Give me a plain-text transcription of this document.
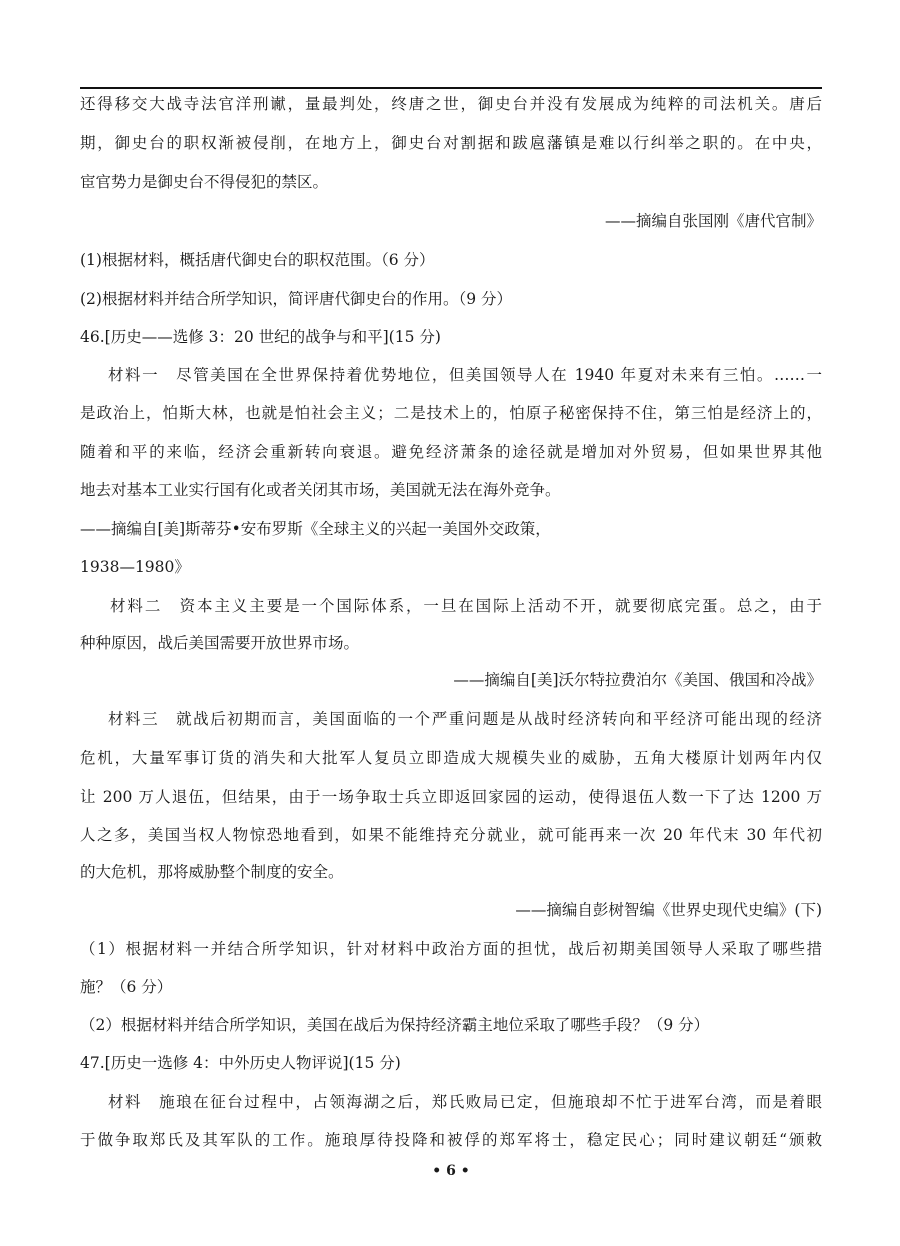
还得移交大战寺法官洋刑谳，量最判处，终唐之世，御史台并没有发展成为纯粹的司法机关。唐后
期，御史台的职权渐被侵削，在地方上，御史台对割据和跋扈藩镇是难以行纠举之职的。在中央，
宦官势力是御史台不得侵犯的禁区。
——摘编自张国刚《唐代官制》
(1)根据材料，概括唐代御史台的职权范围。（6 分）
(2)根据材料并结合所学知识，简评唐代御史台的作用。（9 分）
46.[历史——选修 3：20 世纪的战争与和平](15 分)
材料一　尽管美国在全世界保持着优势地位，但美国领导人在 1940 年夏对未来有三怕。……一
是政治上，怕斯大林，也就是怕社会主义；二是技术上的，怕原子秘密保持不住，第三怕是经济上的，
随着和平的来临，经济会重新转向衰退。避免经济萧条的途径就是增加对外贸易，但如果世界其他
地去对基本工业实行国有化或者关闭其市场，美国就无法在海外竞争。
——摘编自[美]斯蒂芬•安布罗斯《全球主义的兴起一美国外交政策，
1938—1980》
材料二　资本主义主要是一个国际体系，一旦在国际上活动不开，就要彻底完蛋。总之，由于
种种原因，战后美国需要开放世界市场。
——摘编自[美]沃尔特拉费泊尔《美国、俄国和冷战》
材料三　就战后初期而言，美国面临的一个严重问题是从战时经济转向和平经济可能出现的经济
危机，大量军事订货的消失和大批军人复员立即造成大规模失业的威胁，五角大楼原计划两年内仅
让 200 万人退伍，但结果，由于一场争取士兵立即返回家园的运动，使得退伍人数一下了达 1200 万
人之多，美国当权人物惊恐地看到，如果不能维持充分就业，就可能再来一次 20 年代末 30 年代初
的大危机，那将威胁整个制度的安全。
——摘编自彭树智编《世界史现代史编》(下)
（1）根据材料一并结合所学知识，针对材料中政治方面的担忧，战后初期美国领导人采取了哪些措
施？（6 分）
（2）根据材料并结合所学知识，美国在战后为保持经济霸主地位采取了哪些手段？（9 分）
47.[历史一选修 4：中外历史人物评说](15 分)
材料　施琅在征台过程中，占领海湖之后，郑氏败局已定，但施琅却不忙于进军台湾，而是着眼
于做争取郑氏及其军队的工作。施琅厚待投降和被俘的郑军将士，稳定民心；同时建议朝廷“颁敕
• 6 •
